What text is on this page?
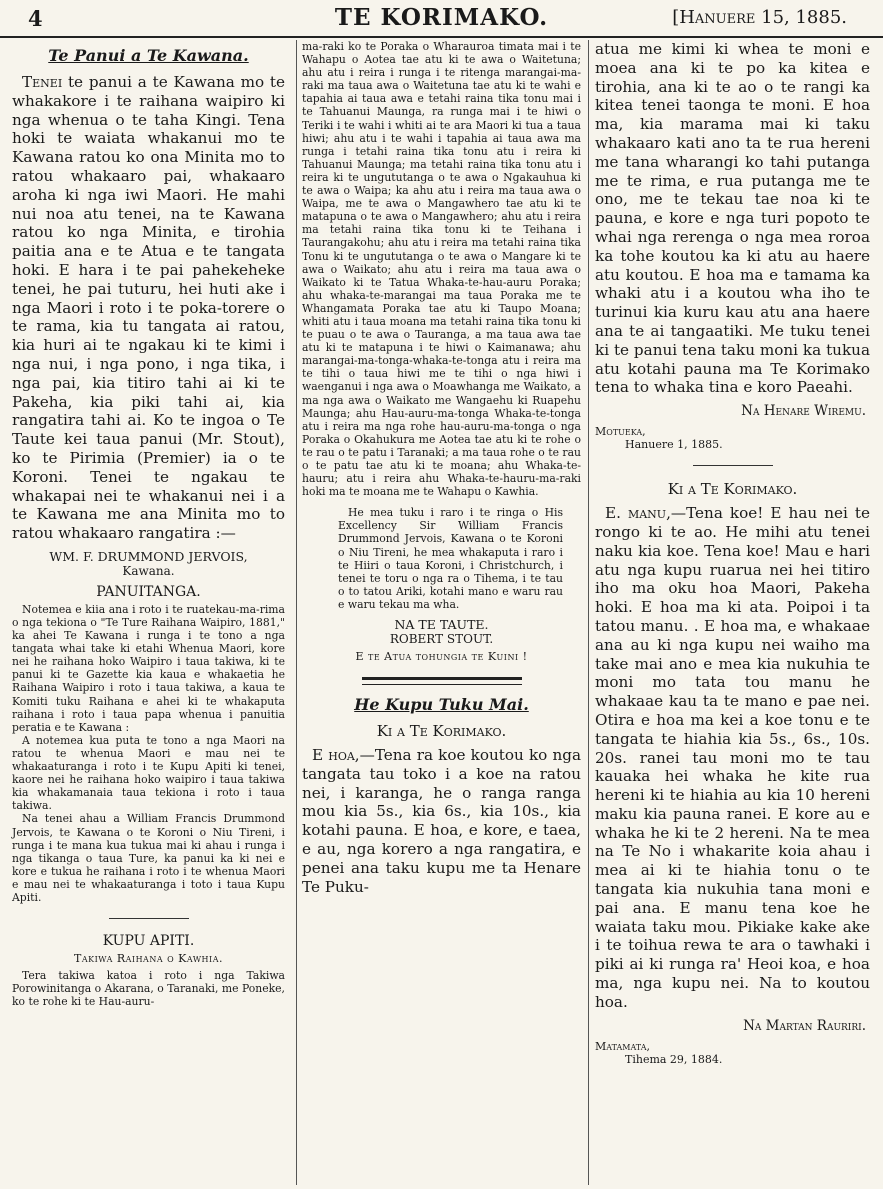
4	TE KORIMAKO.	[Hanuere 15, 1885.
Te Panui a Te Kawana.

Tenei te panui a te Kawana mo te whakakore i te raihana waipiro ki nga whenua o te taha Kingi. Tena hoki te waiata whakanui mo te Kawana ratou ko ona Minita mo to ratou whakaaro pai, whakaaro aroha ki nga iwi Maori. He mahi nui noa atu tenei, na te Kawana ratou ko nga Minita, e tirohia paitia ana e te Atua e te tangata hoki. E hara i te pai pahekeheke tenei, he pai tuturu, hei huti ake i nga Maori i roto i te poka-torere o te rama, kia tu tangata ai ratou, kia huri ai te ngakau ki te kimi i nga nui, i nga pono, i nga tika, i nga pai, kia titiro tahi ai ki te Pakeha, kia piki tahi ai, kia rangatira tahi ai. Ko te ingoa o Te Taute kei taua panui (Mr. Stout), ko te Pirimia (Premier) ia o te Koroni. Tenei te ngakau te whakapai nei te whakanui nei i a te Kawana me ana Minita mo to ratou whakaaro rangatira :—

WM. F. DRUMMOND JERVOIS,
Kawana.
PANUITANGA.

Notemea e kiia ana i roto i te ruatekau-ma-rima o nga tekiona o "Te Ture Raihana Waipiro, 1881," ka ahei Te Kawana i runga i te tono a nga tangata whai take ki etahi Whenua Maori, kore nei he raihana hoko Waipiro i taua takiwa, ki te panui ki te Gazette kia kaua e whakaetia he Raihana Waipiro i roto i taua takiwa, a kaua te Komiti tuku Raihana e ahei ki te whakaputa raihana i roto i taua papa whenua i panuitia peratia e te Kawana :

A notemea kua puta te tono a nga Maori na ratou te whenua Maori e mau nei te whakaaturanga i roto i te Kupu Apiti ki tenei, kaore nei he raihana hoko waipiro i taua takiwa kia whakamanaia taua tekiona i roto i taua takiwa.

Na tenei ahau a William Francis Drummond Jervois, te Kawana o te Koroni o Niu Tireni, i runga i te mana kua tukua mai ki ahau i runga i nga tikanga o taua Ture, ka panui ka ki nei e kore e tukua he raihana i roto i te whenua Maori e mau nei te whakaaturanga i toto i taua Kupu Apiti.

KUPU APITI.
Takiwa Raihana o Kawhia.

Tera takiwa katoa i roto i nga Takiwa Porowinitanga o Akarana, o Taranaki, me Poneke, ko te rohe ki te Hau-auru-

ma-raki ko te Poraka o Wharauroa timata mai i te Wahapu o Aotea tae atu ki te awa o Waitetuna; ahu atu i reira i runga i te ritenga marangai-ma-raki ma taua awa o Waitetuna tae atu ki te wahi e tapahia ai taua awa e tetahi raina tika tonu mai i te Tahuanui Maunga, ra runga mai i te hiwi o Teriki i te wahi i whiti ai te ara Maori ki tua a taua hiwi; ahu atu i te wahi i tapahia ai taua awa ma runga i tetahi raina tika tonu atu i reira ki Tahuanui Maunga; ma tetahi raina tika tonu atu i reira ki te ungututanga o te awa o Ngakauhua ki te awa o Waipa; ka ahu atu i reira ma taua awa o Waipa, me te awa o Mangawhero tae atu ki te matapuna o te awa o Mangawhero; ahu atu i reira ma tetahi raina tika tonu ki te Teihana i Taurangakohu; ahu atu i reira ma tetahi raina tika Tonu ki te ungututanga o te awa o Mangare ki te awa o Waikato; ahu atu i reira ma taua awa o Waikato ki te Tatua Whaka-te-hau-auru Poraka; ahu whaka-te-marangai ma taua Poraka me te Whangamata Poraka tae atu ki Taupo Moana; whiti atu i taua moana ma tetahi raina tika tonu ki te puau o te awa o Tauranga, a ma taua awa tae atu ki te matapuna i te hiwi o Kaimanawa; ahu marangai-ma-tonga-whaka-te-tonga atu i reira ma te tihi o taua hiwi me te tihi o nga hiwi i waenganui i nga awa o Moawhanga me Waikato, a ma nga awa o Waikato me Wangaehu ki Ruapehu Maunga; ahu Hau-auru-ma-tonga Whaka-te-tonga atu i reira ma nga rohe hau-auru-ma-tonga o nga Poraka o Okahukura me Aotea tae atu ki te rohe o te rau o te patu i Taranaki; a ma taua rohe o te rau o te patu tae atu ki te moana; ahu Whaka-te-hauru; atu i reira ahu Whaka-te-hauru-ma-raki hoki ma te moana me te Wahapu o Kawhia.

He mea tuku i raro i te ringa o His Excellency Sir William Francis Drummond Jervois, Kawana o te Koroni o Niu Tireni, he mea whakaputa i raro i te Hiiri o taua Koroni, i Christchurch, i tenei te toru o nga ra o Tihema, i te tau o to tatou Ariki, kotahi mano e waru rau e waru tekau ma wha.

NA TE TAUTE.
ROBERT STOUT.
E te Atua tohungia te Kuini !
He Kupu Tuku Mai.
Ki a Te Korimako.

E hoa,—Tena ra koe koutou ko nga tangata tau toko i a koe na ratou nei, i karanga, he o ranga ranga mou kia 5s., kia 6s., kia 10s., kia kotahi pauna. E hoa, e kore, e taea, e au, nga korero a nga rangatira, e penei ana taku kupu me ta Henare Te Puku-

atua me kimi ki whea te moni e moea ana ki te po ka kitea e tirohia, ana ki te ao o te rangi ka kitea tenei taonga te moni. E hoa ma, kia marama mai ki taku whakaaro kati ano ta te rua hereni me tana wharangi ko tahi putanga me te rima, e rua putanga me te ono, me te tekau tae noa ki te pauna, e kore e nga turi popoto te whai nga rerenga o nga mea roroa ka tohe koutou ka ki atu au haere atu koutou. E hoa ma e tamama ka whaki atu i a koutou wha iho te turinui kia kuru kau atu ana haere ana te ai tangaatiki. Me tuku tenei ki te panui tena taku moni ka tukua atu kotahi pauna ma Te Korimako tena to whaka tina e koro Paeahi.

Na Henare Wiremu.
Motueka,
Hanuere 1, 1885.
Ki a Te Korimako.

E. manu,—Tena koe! E hau nei te rongo ki te ao. He mihi atu tenei naku kia koe. Tena koe! Mau e hari atu nga kupu ruarua nei hei titiro iho ma oku hoa Maori, Pakeha hoki. E hoa ma ki ata. Poipoi i ta tatou manu. . E hoa ma, e whakaae ana au ki nga kupu nei waiho ma take mai ano e mea kia nukuhia te moni mo tata tou manu he whakaae kau ta te mano e pae nei. Otira e hoa ma kei a koe tonu e te tangata te hiahia kia 5s., 6s., 10s. 20s. ranei tau moni mo te tau kauaka hei whaka he kite rua hereni ki te hiahia au kia 10 hereni maku kia pauna ranei. E kore au e whaka he ki te 2 hereni. Na te mea na Te No i whakarite koia ahau i mea ai ki te hiahia tonu o te tangata kia nukuhia tana moni e pai ana. E manu tena koe he waiata taku mou. Pikiake kake ake i te toihua rewa te ara o tawhaki i piki ai ki runga ra' Heoi koa, e hoa ma, nga kupu nei. Na to koutou hoa.

Na Martan Rauriri.
Matamata,
Tihema 29, 1884.
